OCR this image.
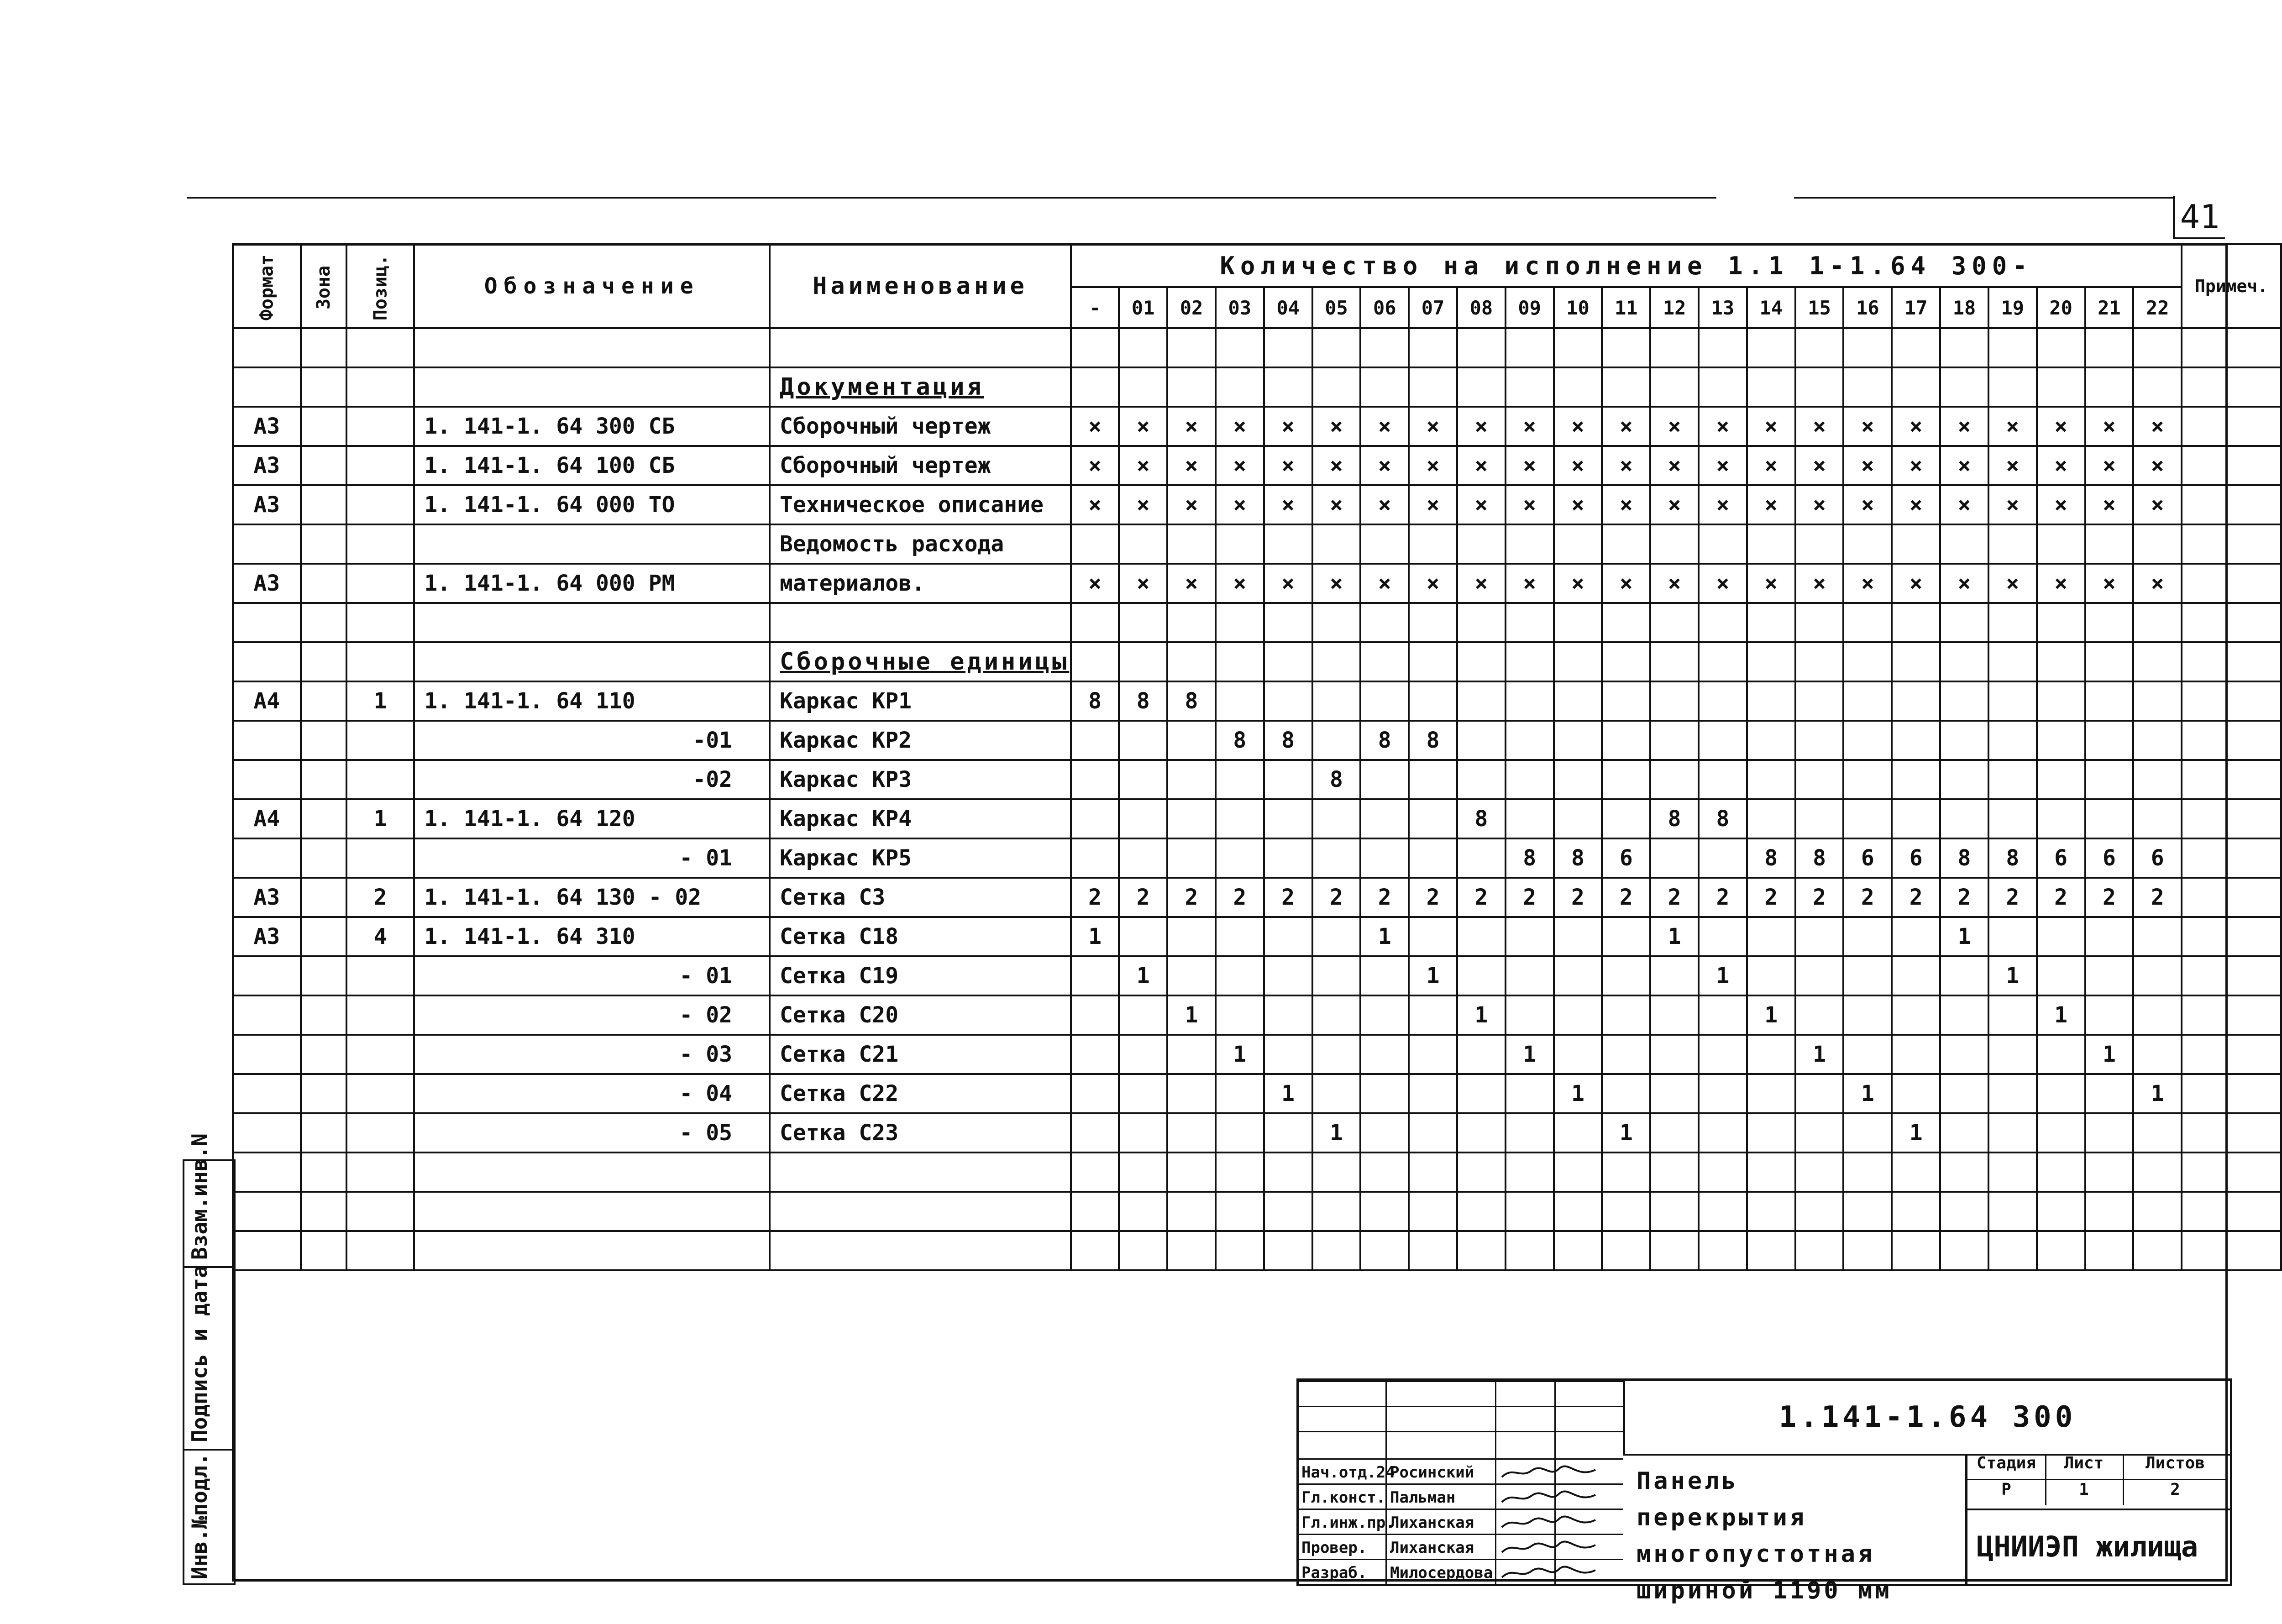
41
Инв.№подл.
Подпись и дата
Взам.инв.N
Формат	Зона	Позиц.	Обозначение	Наименование	Количество на исполнение 1.1 1-1.64 300-																							Примеч.
					-	01	02	03	04	05	06	07	08	09	10	11	12	13	14	15	16	17	18	19	20	21	22	

				Документация																								
А3			1. 141-1. 64 300 СБ	Сборочный чертеж	×	×	×	×	×	×	×	×	×	×	×	×	×	×	×	×	×	×	×	×	×	×	×	
А3			1. 141-1. 64 100 СБ	Сборочный чертеж	×	×	×	×	×	×	×	×	×	×	×	×	×	×	×	×	×	×	×	×	×	×	×	
А3			1. 141-1. 64 000 ТО	Техническое описание	×	×	×	×	×	×	×	×	×	×	×	×	×	×	×	×	×	×	×	×	×	×	×	
				Ведомость расхода																								
А3			1. 141-1. 64 000 РМ	материалов.	×	×	×	×	×	×	×	×	×	×	×	×	×	×	×	×	×	×	×	×	×	×	×	

				Сборочные единицы																								
А4		1	1. 141-1. 64 110	Каркас КР1	8	8	8																					
			-01	Каркас КР2				8	8		8	8																
			-02	Каркас КР3						8																		
А4		1	1. 141-1. 64 120	Каркас КР4									8				8	8										
			- 01	Каркас КР5										8	8	6			8	8	6	6	8	8	6	6	6	
А3		2	1. 141-1. 64 130 - 02	Сетка С3	2	2	2	2	2	2	2	2	2	2	2	2	2	2	2	2	2	2	2	2	2	2	2	
А3		4	1. 141-1. 64 310	Сетка С18	1						1						1						1					
			- 01	Сетка С19		1						1						1						1				
			- 02	Сетка С20			1						1						1						1			
			- 03	Сетка С21				1						1						1						1		
			- 04	Сетка С22					1						1						1						1	
			- 05	Сетка С23						1						1						1						

Нач.отд.24
Росинский
Гл.конст. Пальман
Гл.инж.пр.
Лиханская
Провер. Лиханская
Разраб. Милосердова
1.141-1.64 300
Панель перекрытия
многопустотная
шириной 1190 мм
Стадия	Лист	Листов
Р	1	2
ЦНИИЭП жилища
